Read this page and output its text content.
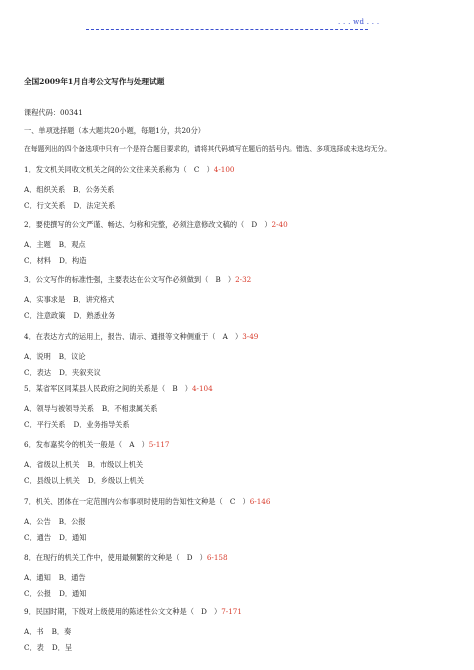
. . . wd . . .
全国2009年1月自考公文写作与处理试题
课程代码：00341
一、单项选择题（本大题共20小题，每题1分，共20分）
在每题列出的四个备选项中只有一个是符合题目要求的，请将其代码填写在题后的括号内。错选、多项选择或未选均无分。
1．发文机关同收文机关之间的公文往来关系称为（　C　）4-100
A．组织关系 B．公务关系
C．行文关系 D．法定关系
2．要使撰写的公文严谨、畅达、匀称和完整，必须注意修改文稿的（　D　）2-40
A．主题 B．观点
C．材料 D．构造
3．公文写作的标准性强，主要表达在公文写作必须做到（　B　）2-32
A．实事求是 B．讲究格式
C．注意政策 D．熟悉业务
4．在表达方式的运用上，报告、请示、通报等文种侧重于（　A　）3-49
A．说明 B．议论
C．表达 D．夹叙夹议
5．某省军区同某县人民政府之间的关系是（　B　）4-104
A．领导与被领导关系 B．不相隶属关系
C．平行关系 D．业务指导关系
6．发布嘉奖令的机关一般是（　A　）5-117
A．省级以上机关 B．市级以上机关
C．县级以上机关 D．乡级以上机关
7．机关、团体在一定范围内公布事项时使用的告知性文种是（　C　）6-146
A．公告 B．公报
C．通告 D．通知
8．在现行的机关工作中，使用最频繁的文种是（　D　）6-158
A．通知 B．通告
C．公报 D．通知
9．民国时期，下级对上级使用的陈述性公文文种是（　D　）7-171
A．书 B．奏
C．表 D．呈
